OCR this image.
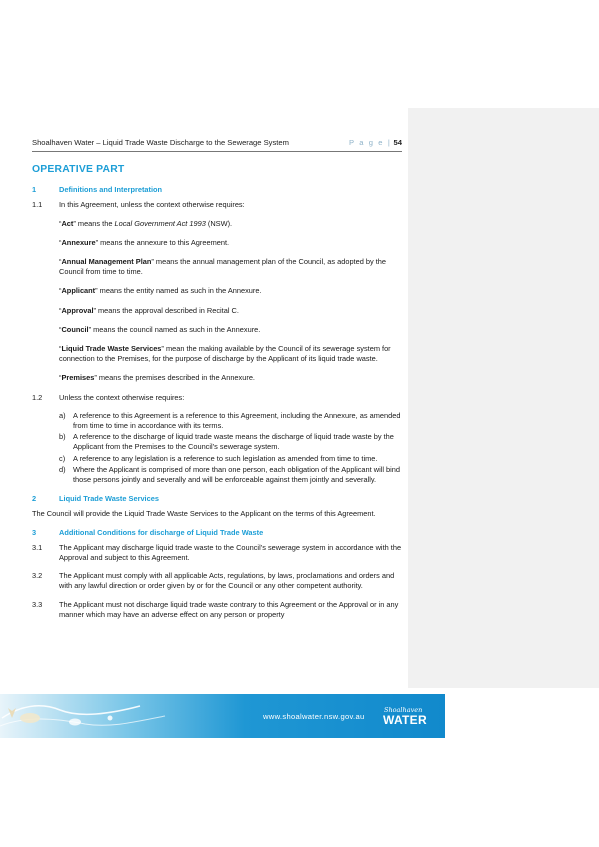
Shoalhaven Water – Liquid Trade Waste Discharge to the Sewerage System	P a g e | 54
OPERATIVE PART
1	Definitions and Interpretation
1.1	In this Agreement, unless the context otherwise requires:
“Act” means the Local Government Act 1993 (NSW).
“Annexure” means the annexure to this Agreement.
“Annual Management Plan” means the annual management plan of the Council, as adopted by the Council from time to time.
“Applicant” means the entity named as such in the Annexure.
“Approval” means the approval described in Recital C.
“Council” means the council named as such in the Annexure.
“Liquid Trade Waste Services” mean the making available by the Council of its sewerage system for connection to the Premises, for the purpose of discharge by the Applicant of its liquid trade waste.
“Premises” means the premises described in the Annexure.
1.2	Unless the context otherwise requires:
a)	A reference to this Agreement is a reference to this Agreement, including the Annexure, as amended from time to time in accordance with its terms.
b)	A reference to the discharge of liquid trade waste means the discharge of liquid trade waste by the Applicant from the Premises to the Council’s sewerage system.
c)	A reference to any legislation is a reference to such legislation as amended from time to time.
d)	Where the Applicant is comprised of more than one person, each obligation of the Applicant will bind those persons jointly and severally and will be enforceable against them jointly and severally.
2	Liquid Trade Waste Services
The Council will provide the Liquid Trade Waste Services to the Applicant on the terms of this Agreement.
3	Additional Conditions for discharge of Liquid Trade Waste
3.1	The Applicant may discharge liquid trade waste to the Council’s sewerage system in accordance with the Approval and subject to this Agreement.
3.2	The Applicant must comply with all applicable Acts, regulations, by laws, proclamations and orders and with any lawful direction or order given by or for the Council or any other competent authority.
3.3	The Applicant must not discharge liquid trade waste contrary to this Agreement or the Approval or in any manner which may have an adverse effect on any person or property
www.shoalwater.nsw.gov.au
Shoalhaven
WATER
